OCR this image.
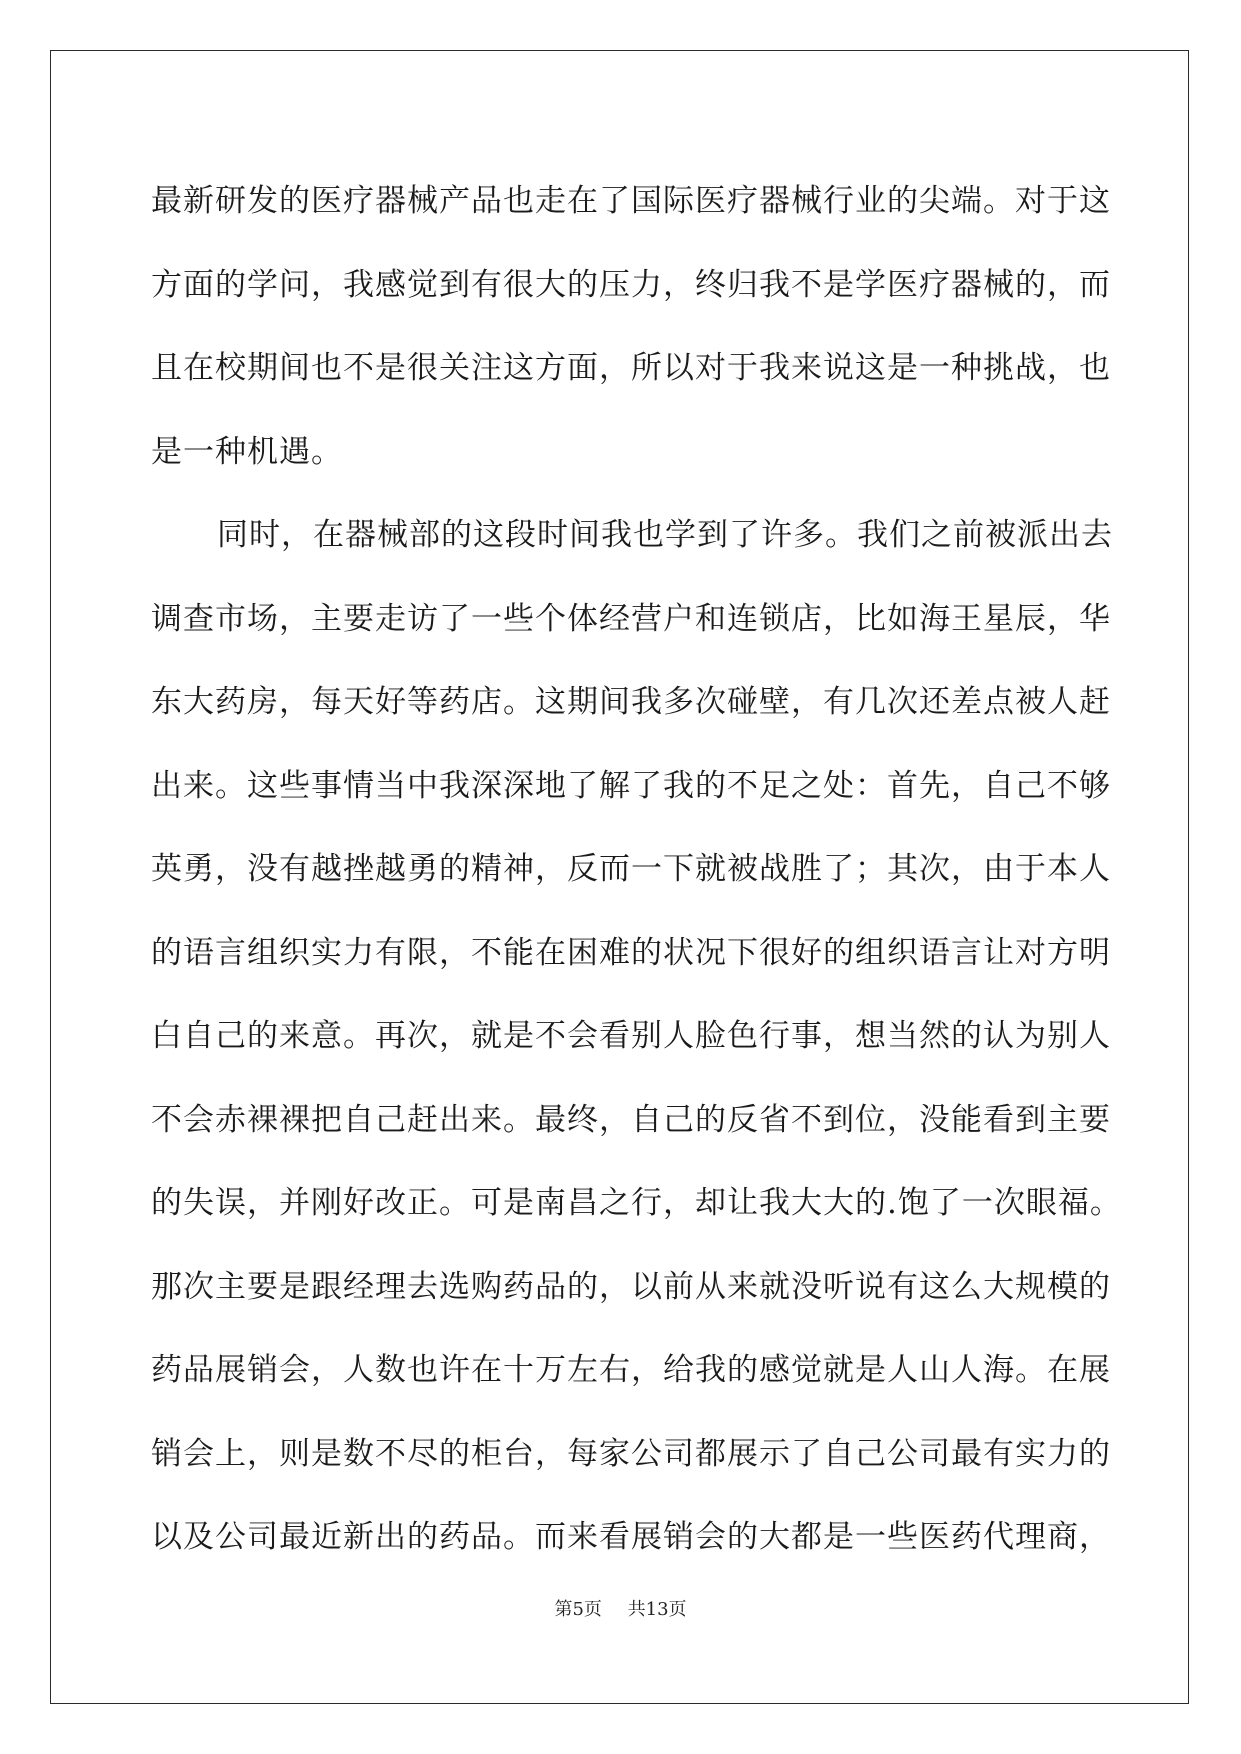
最新研发的医疗器械产品也走在了国际医疗器械行业的尖端。对于这
方面的学问，我感觉到有很大的压力，终归我不是学医疗器械的，而
且在校期间也不是很关注这方面，所以对于我来说这是一种挑战，也
是一种机遇。
同时，在器械部的这段时间我也学到了许多。我们之前被派出去
调查市场，主要走访了一些个体经营户和连锁店，比如海王星辰，华
东大药房，每天好等药店。这期间我多次碰壁，有几次还差点被人赶
出来。这些事情当中我深深地了解了我的不足之处：首先，自己不够
英勇，没有越挫越勇的精神，反而一下就被战胜了；其次，由于本人
的语言组织实力有限，不能在困难的状况下很好的组织语言让对方明
白自己的来意。再次，就是不会看别人脸色行事，想当然的认为别人
不会赤裸裸把自己赶出来。最终，自己的反省不到位，没能看到主要
的失误，并刚好改正。可是南昌之行，却让我大大的.饱了一次眼福。
那次主要是跟经理去选购药品的，以前从来就没听说有这么大规模的
药品展销会，人数也许在十万左右，给我的感觉就是人山人海。在展
销会上，则是数不尽的柜台，每家公司都展示了自己公司最有实力的
以及公司最近新出的药品。而来看展销会的大都是一些医药代理商，
第5页 共13页
